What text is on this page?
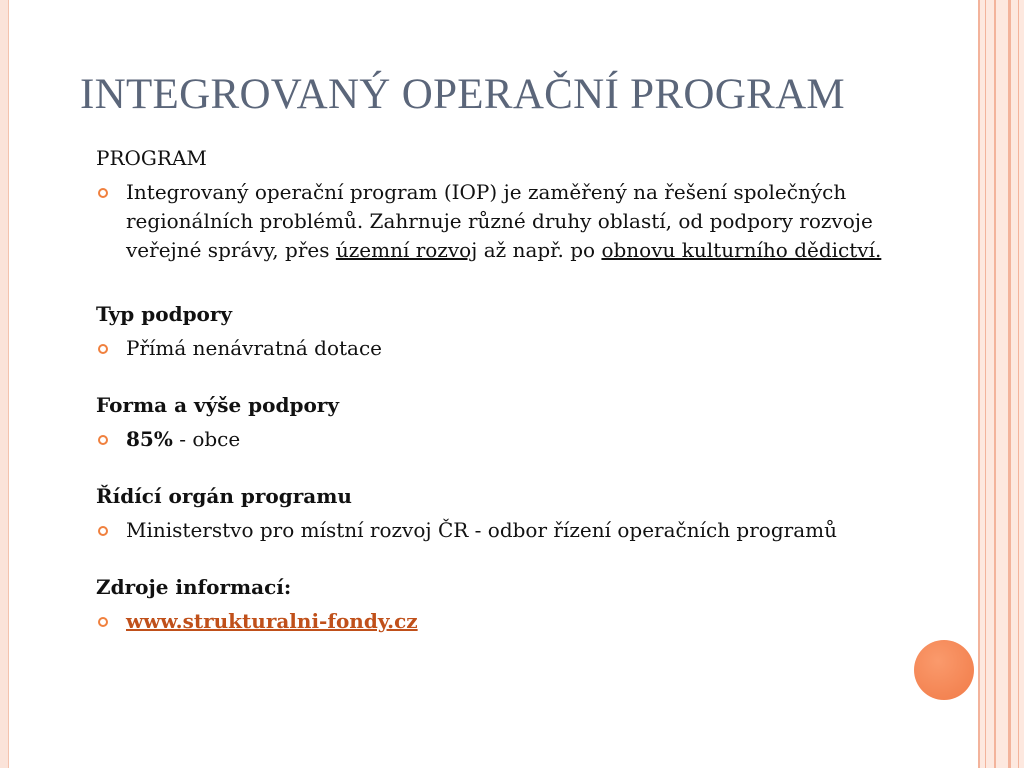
INTEGROVANÝ OPERAČNÍ PROGRAM

PROGRAM

Integrovaný operační program (IOP) je zaměřený na řešení společných regionálních problémů. Zahrnuje různé druhy oblastí, od podpory rozvoje veřejné správy, přes územní rozvoj až např. po obnovu kulturního dědictví.

Typ podpory

Přímá nenávratná dotace

Forma a výše podpory

85% - obce

Řídící orgán programu

Ministerstvo pro místní rozvoj ČR - odbor řízení operačních programů

Zdroje informací:

www.strukturalni-fondy.cz
